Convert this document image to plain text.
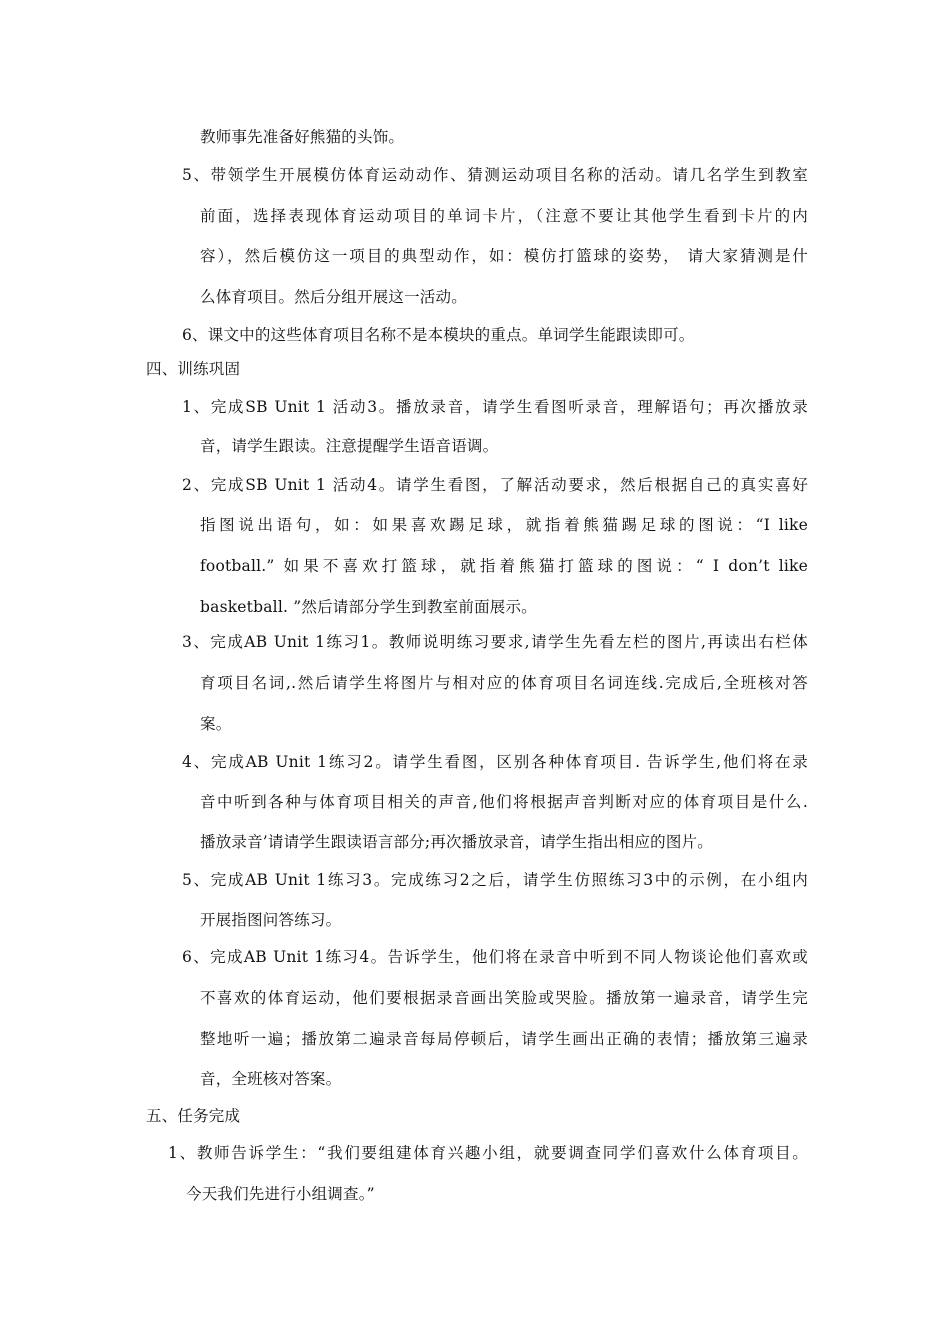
教师事先准备好熊猫的头饰。
5、带领学生开展模仿体育运动动作、猜测运动项目名称的活动。请几名学生到教室
前面，选择表现体育运动项目的单词卡片，（注意不要让其他学生看到卡片的内
容），然后模仿这一项目的典型动作，如：模仿打篮球的姿势， 请大家猜测是什
么体育项目。然后分组开展这一活动。
6、课文中的这些体育项目名称不是本模块的重点。单词学生能跟读即可。
四、训练巩固
1、完成SB Unit 1 活动3。播放录音，请学生看图听录音，理解语句；再次播放录
音，请学生跟读。注意提醒学生语音语调。
2、完成SB Unit 1 活动4。请学生看图，了解活动要求，然后根据自己的真实喜好
指图说出语句，如：如果喜欢踢足球，就指着熊猫踢足球的图说：“I like
football.” 如果不喜欢打篮球，就指着熊猫打篮球的图说：“ I don’t like
basketball. ”然后请部分学生到教室前面展示。
3、完成AB Unit 1练习1。教师说明练习要求,请学生先看左栏的图片,再读出右栏体
育项目名词,.然后请学生将图片与相对应的体育项目名词连线.完成后,全班核对答
案。
4、完成AB Unit 1练习2。请学生看图，区别各种体育项目. 告诉学生,他们将在录
音中听到各种与体育项目相关的声音,他们将根据声音判断对应的体育项目是什么.
播放录音’请请学生跟读语言部分;再次播放录音，请学生指出相应的图片。
5、完成AB Unit 1练习3。完成练习2之后，请学生仿照练习3中的示例，在小组内
开展指图问答练习。
6、完成AB Unit 1练习4。告诉学生，他们将在录音中听到不同人物谈论他们喜欢或
不喜欢的体育运动，他们要根据录音画出笑脸或哭脸。播放第一遍录音，请学生完
整地听一遍；播放第二遍录音每局停顿后，请学生画出正确的表情；播放第三遍录
音，全班核对答案。
五、任务完成
1、教师告诉学生：“我们要组建体育兴趣小组，就要调查同学们喜欢什么体育项目。
今天我们先进行小组调查。”
